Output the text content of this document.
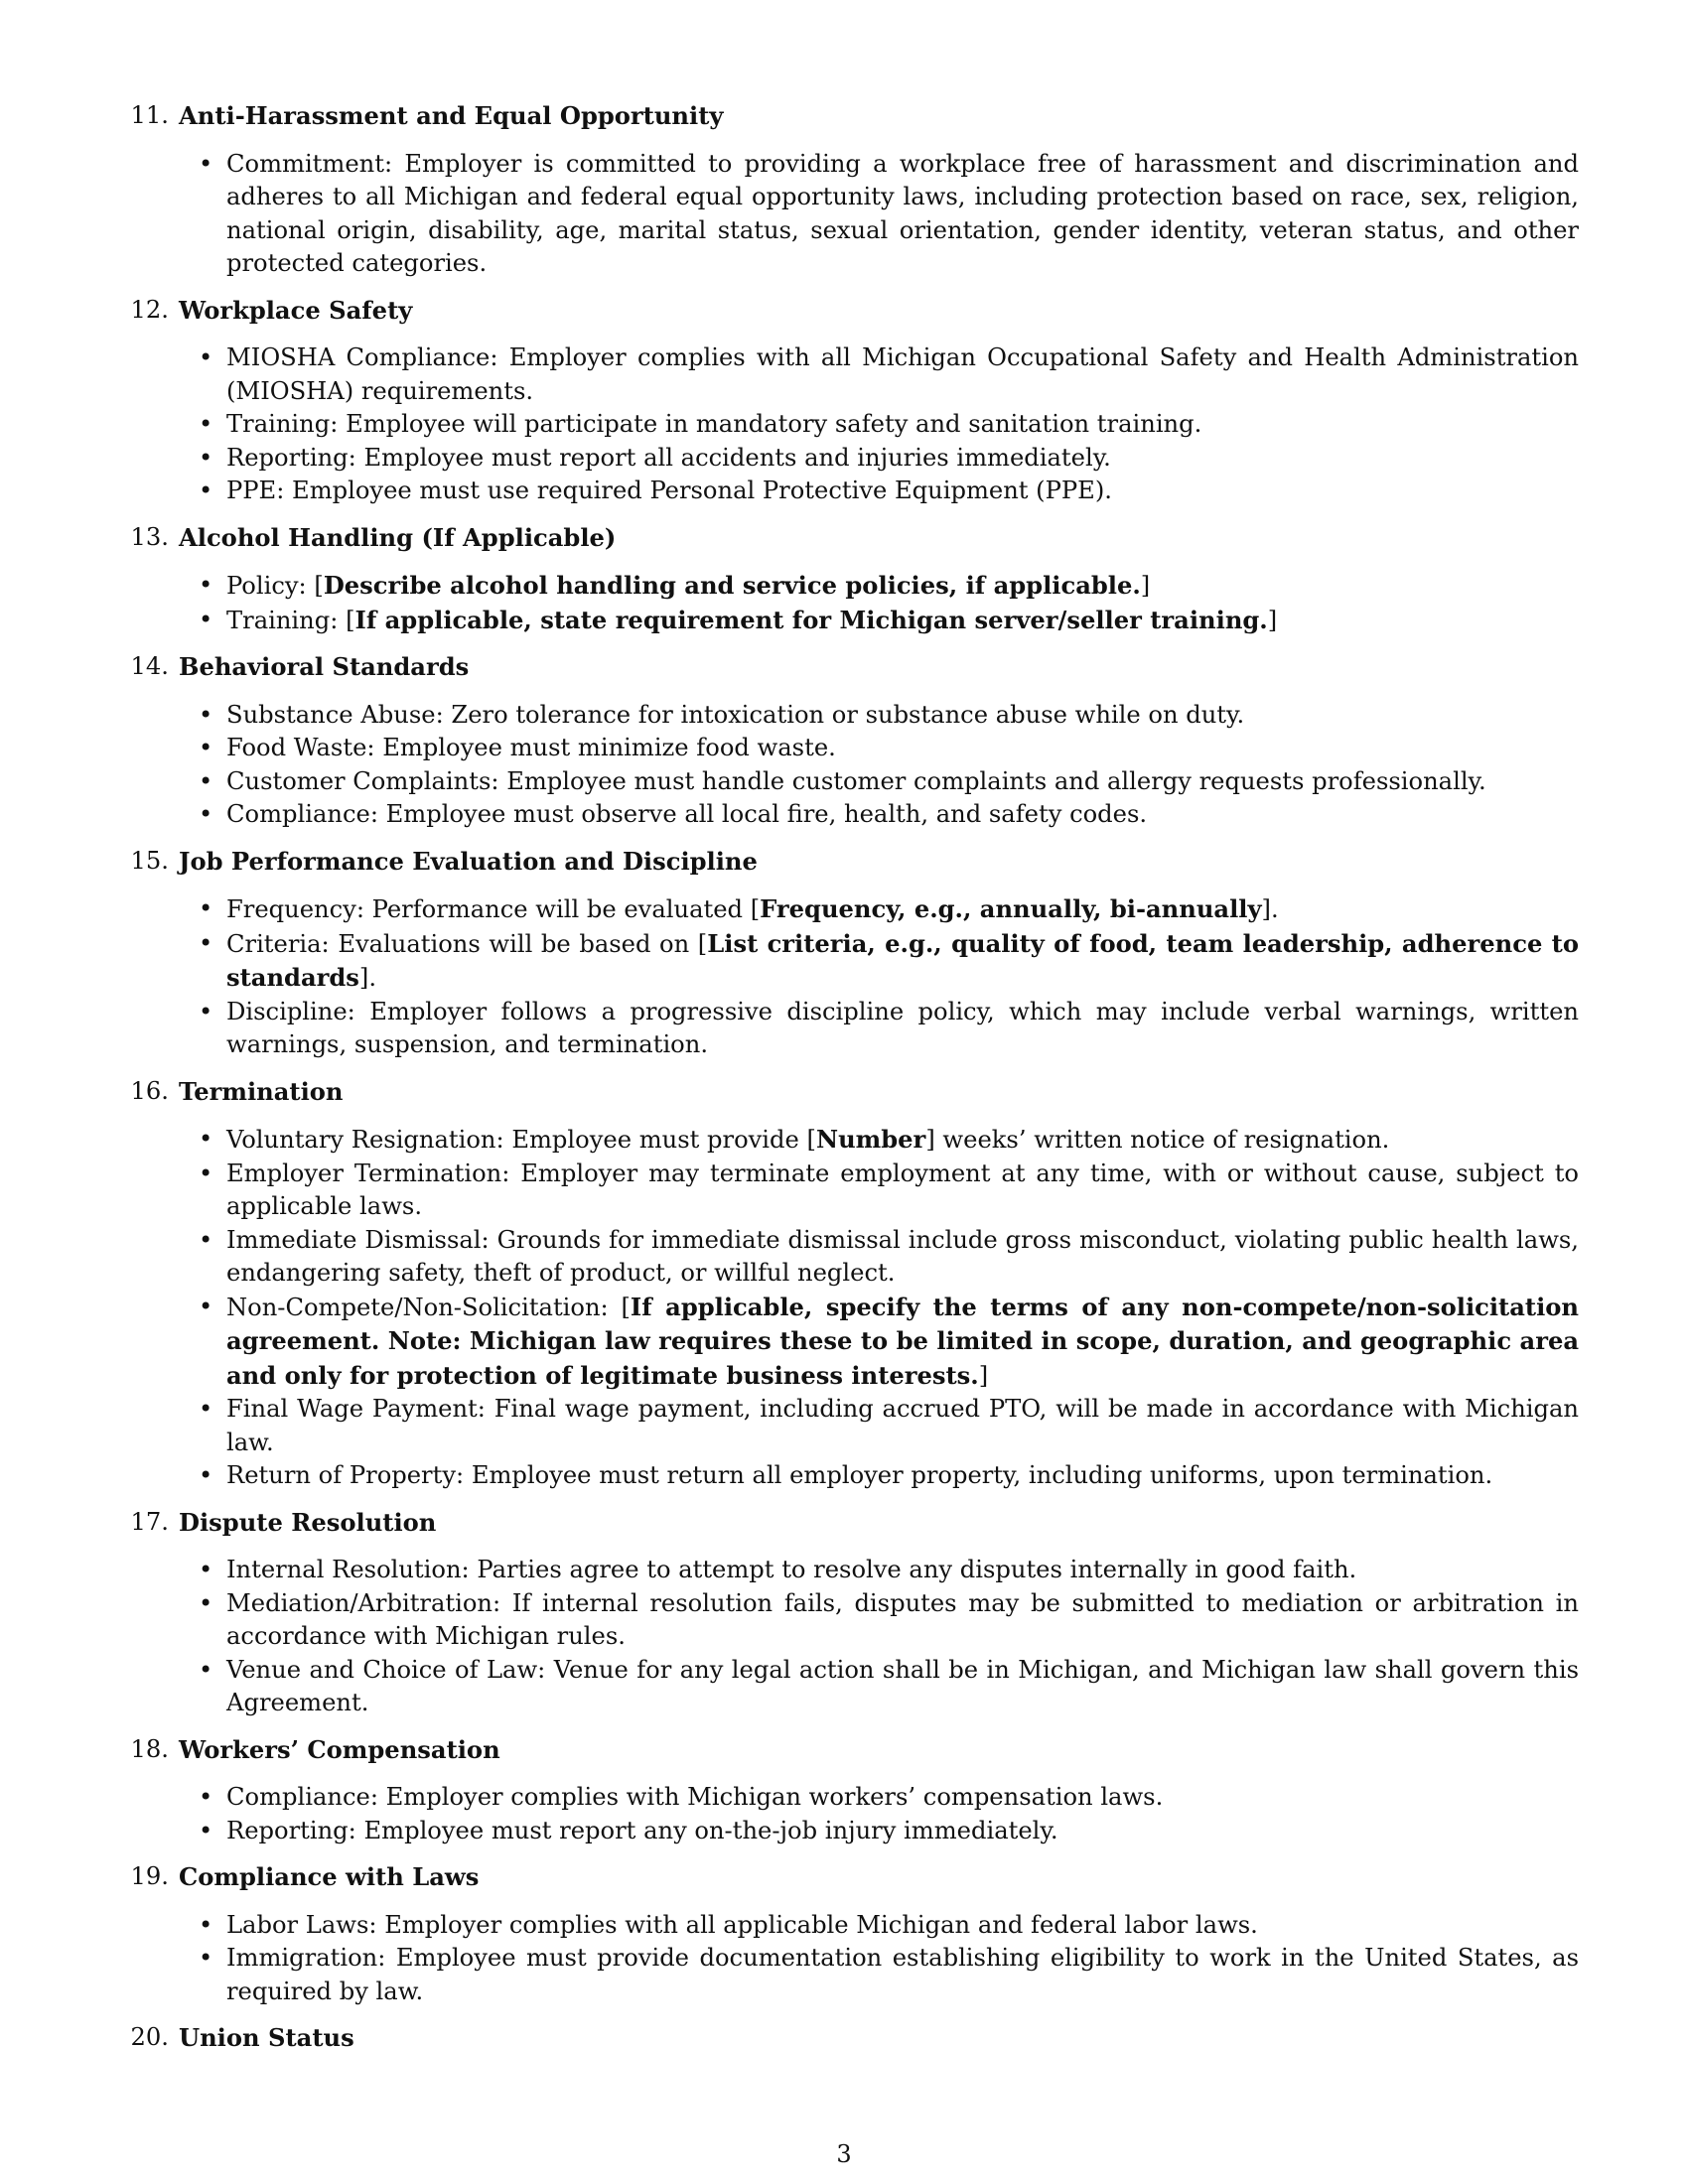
11. Anti-Harassment and Equal Opportunity
• Commitment: Employer is committed to providing a workplace free of harassment and discrimination and adheres to all Michigan and federal equal opportunity laws, including protection based on race, sex, religion, national origin, disability, age, marital status, sexual orientation, gender identity, veteran status, and other protected categories.
12. Workplace Safety
• MIOSHA Compliance: Employer complies with all Michigan Occupational Safety and Health Administration (MIOSHA) requirements.
• Training: Employee will participate in mandatory safety and sanitation training.
• Reporting: Employee must report all accidents and injuries immediately.
• PPE: Employee must use required Personal Protective Equipment (PPE).
13. Alcohol Handling (If Applicable)
• Policy: [Describe alcohol handling and service policies, if applicable.]
• Training: [If applicable, state requirement for Michigan server/seller training.]
14. Behavioral Standards
• Substance Abuse: Zero tolerance for intoxication or substance abuse while on duty.
• Food Waste: Employee must minimize food waste.
• Customer Complaints: Employee must handle customer complaints and allergy requests professionally.
• Compliance: Employee must observe all local fire, health, and safety codes.
15. Job Performance Evaluation and Discipline
• Frequency: Performance will be evaluated [Frequency, e.g., annually, bi-annually].
• Criteria: Evaluations will be based on [List criteria, e.g., quality of food, team leadership, adherence to standards].
• Discipline: Employer follows a progressive discipline policy, which may include verbal warnings, written warnings, suspension, and termination.
16. Termination
• Voluntary Resignation: Employee must provide [Number] weeks’ written notice of resignation.
• Employer Termination: Employer may terminate employment at any time, with or without cause, subject to applicable laws.
• Immediate Dismissal: Grounds for immediate dismissal include gross misconduct, violating public health laws, endangering safety, theft of product, or willful neglect.
• Non-Compete/Non-Solicitation: [If applicable, specify the terms of any non-compete/non-solicitation agreement. Note: Michigan law requires these to be limited in scope, duration, and geographic area and only for protection of legitimate business interests.]
• Final Wage Payment: Final wage payment, including accrued PTO, will be made in accordance with Michigan law.
• Return of Property: Employee must return all employer property, including uniforms, upon termination.
17. Dispute Resolution
• Internal Resolution: Parties agree to attempt to resolve any disputes internally in good faith.
• Mediation/Arbitration: If internal resolution fails, disputes may be submitted to mediation or arbitration in accordance with Michigan rules.
• Venue and Choice of Law: Venue for any legal action shall be in Michigan, and Michigan law shall govern this Agreement.
18. Workers’ Compensation
• Compliance: Employer complies with Michigan workers’ compensation laws.
• Reporting: Employee must report any on-the-job injury immediately.
19. Compliance with Laws
• Labor Laws: Employer complies with all applicable Michigan and federal labor laws.
• Immigration: Employee must provide documentation establishing eligibility to work in the United States, as required by law.
20. Union Status
3
